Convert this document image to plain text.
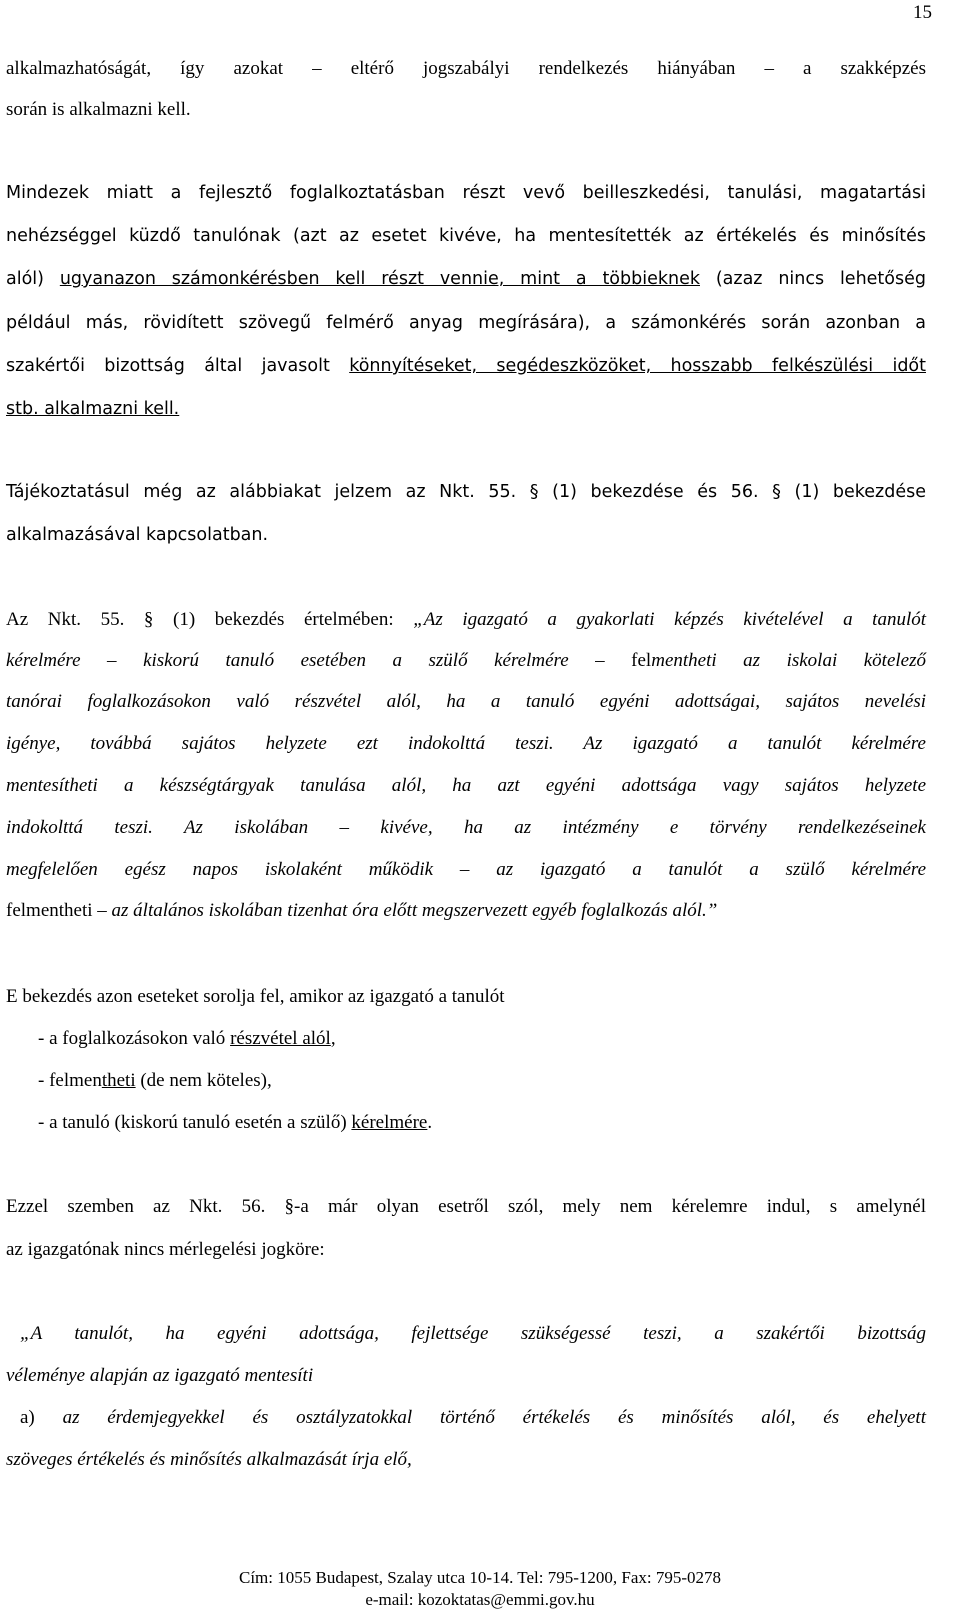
15
alkalmazhatóságát, így azokat – eltérő jogszabályi rendelkezés hiányában – a szakképzés
során is alkalmazni kell.
Mindezek miatt a fejlesztő foglalkoztatásban részt vevő beilleszkedési, tanulási, magatartási
nehézséggel küzdő tanulónak (azt az esetet kivéve, ha mentesítették az értékelés és minősítés
alól) ugyanazon számonkérésben kell részt vennie, mint a többieknek (azaz nincs lehetőség
például más, rövidített szövegű felmérő anyag megírására), a számonkérés során azonban a
szakértői bizottság által javasolt könnyítéseket, segédeszközöket, hosszabb felkészülési időt
stb. alkalmazni kell.
Tájékoztatásul még az alábbiakat jelzem az Nkt. 55. § (1) bekezdése és 56. § (1) bekezdése
alkalmazásával kapcsolatban.
Az Nkt. 55. § (1) bekezdés értelmében: „Az igazgató a gyakorlati képzés kivételével a tanulót
kérelmére – kiskorú tanuló esetében a szülő kérelmére – felmentheti az iskolai kötelező
tanórai foglalkozásokon való részvétel alól, ha a tanuló egyéni adottságai, sajátos nevelési
igénye, továbbá sajátos helyzete ezt indokolttá teszi. Az igazgató a tanulót kérelmére
mentesítheti a készségtárgyak tanulása alól, ha azt egyéni adottsága vagy sajátos helyzete
indokolttá teszi. Az iskolában – kivéve, ha az intézmény e törvény rendelkezéseinek
megfelelően egész napos iskolaként működik – az igazgató a tanulót a szülő kérelmére
felmentheti – az általános iskolában tizenhat óra előtt megszervezett egyéb foglalkozás alól.”
E bekezdés azon eseteket sorolja fel, amikor az igazgató a tanulót
- a foglalkozásokon való részvétel alól,
- felmentheti (de nem köteles),
- a tanuló (kiskorú tanuló esetén a szülő) kérelmére.
Ezzel szemben az Nkt. 56. §-a már olyan esetről szól, mely nem kérelemre indul, s amelynél
az igazgatónak nincs mérlegelési jogköre:
„A tanulót, ha egyéni adottsága, fejlettsége szükségessé teszi, a szakértői bizottság
véleménye alapján az igazgató mentesíti
a) az érdemjegyekkel és osztályzatokkal történő értékelés és minősítés alól, és ehelyett
szöveges értékelés és minősítés alkalmazását írja elő,
Cím: 1055 Budapest, Szalay utca 10-14. Tel: 795-1200, Fax: 795-0278
e-mail: kozoktatas@emmi.gov.hu
